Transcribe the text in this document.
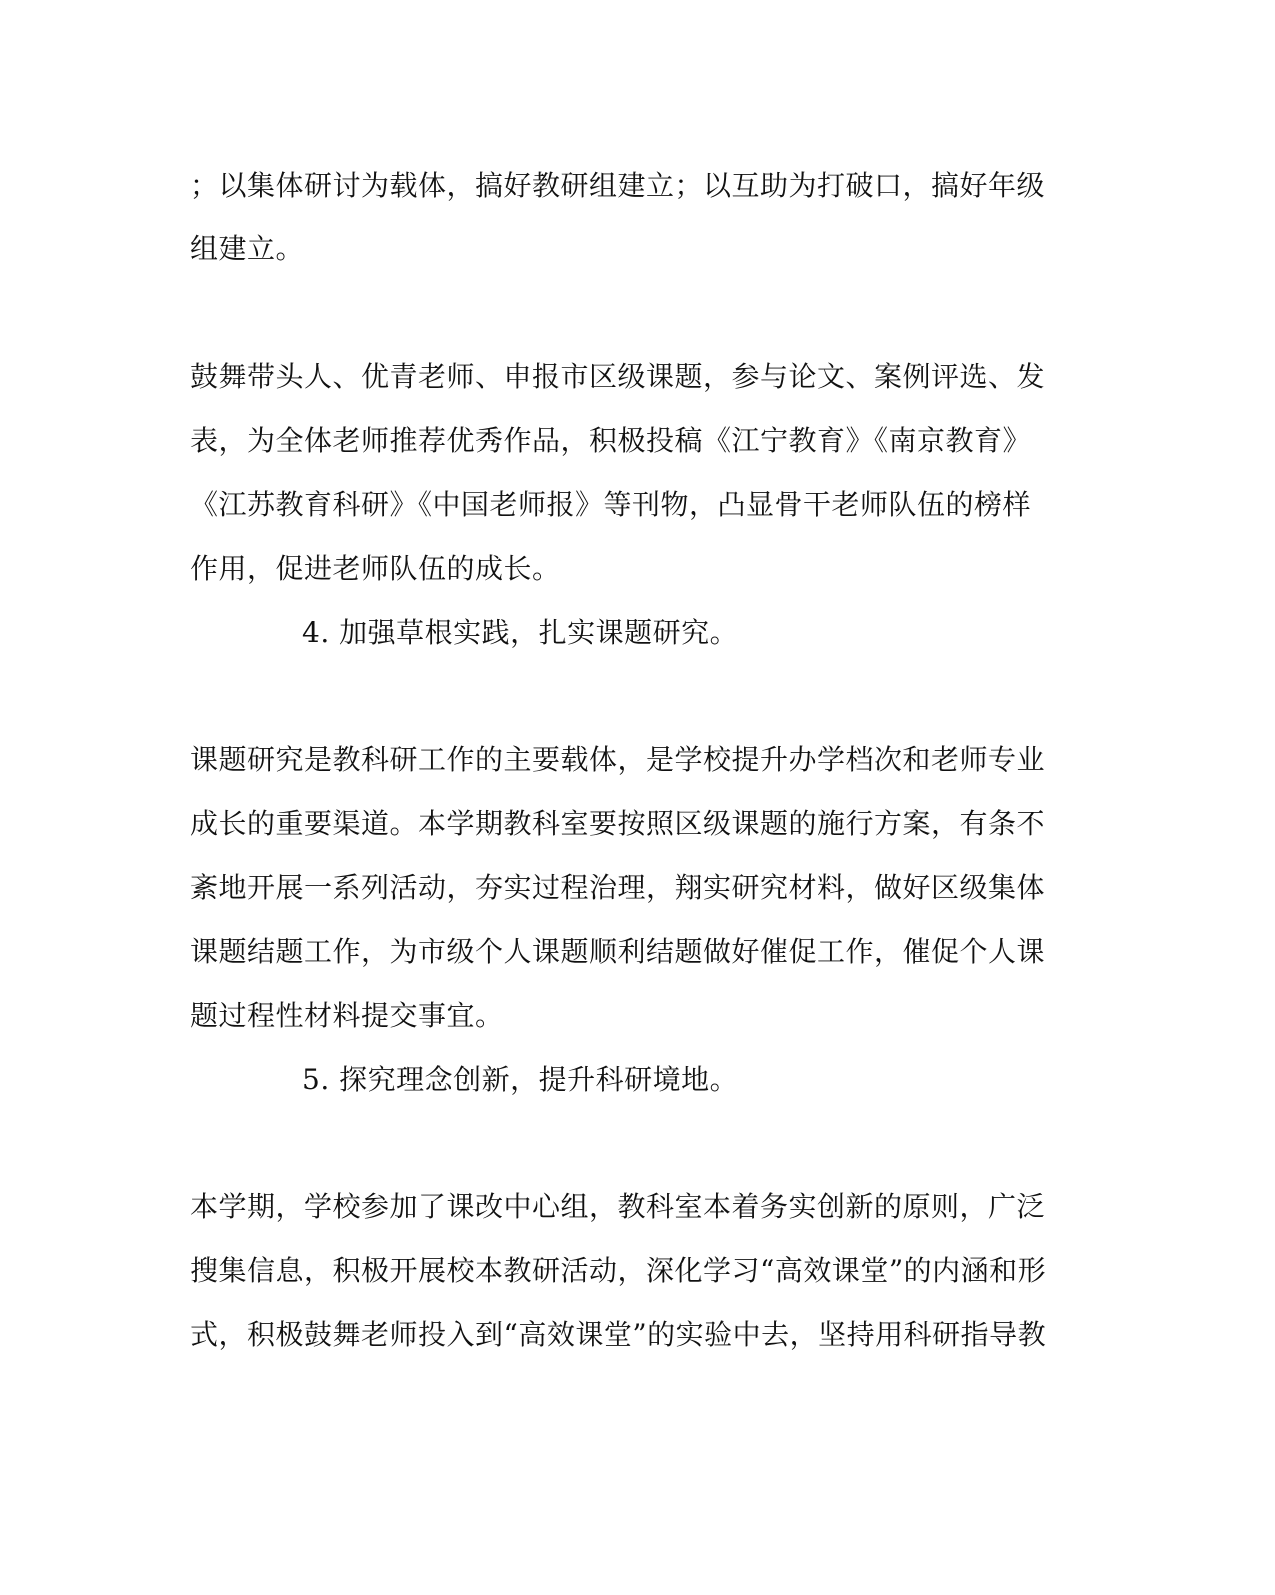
；以集体研讨为载体，搞好教研组建立；以互助为打破口，搞好年级
组建立。
鼓舞带头人、优青老师、申报市区级课题，参与论文、案例评选、发
表，为全体老师推荐优秀作品，积极投稿《江宁教育》《南京教育》
《江苏教育科研》《中国老师报》等刊物，凸显骨干老师队伍的榜样
作用，促进老师队伍的成长。
4. 加强草根实践，扎实课题研究。
课题研究是教科研工作的主要载体，是学校提升办学档次和老师专业
成长的重要渠道。本学期教科室要按照区级课题的施行方案，有条不
紊地开展一系列活动，夯实过程治理，翔实研究材料，做好区级集体
课题结题工作，为市级个人课题顺利结题做好催促工作，催促个人课
题过程性材料提交事宜。
5. 探究理念创新，提升科研境地。
本学期，学校参加了课改中心组，教科室本着务实创新的原则，广泛
搜集信息，积极开展校本教研活动，深化学习“高效课堂”的内涵和形
式，积极鼓舞老师投入到“高效课堂”的实验中去，坚持用科研指导教
